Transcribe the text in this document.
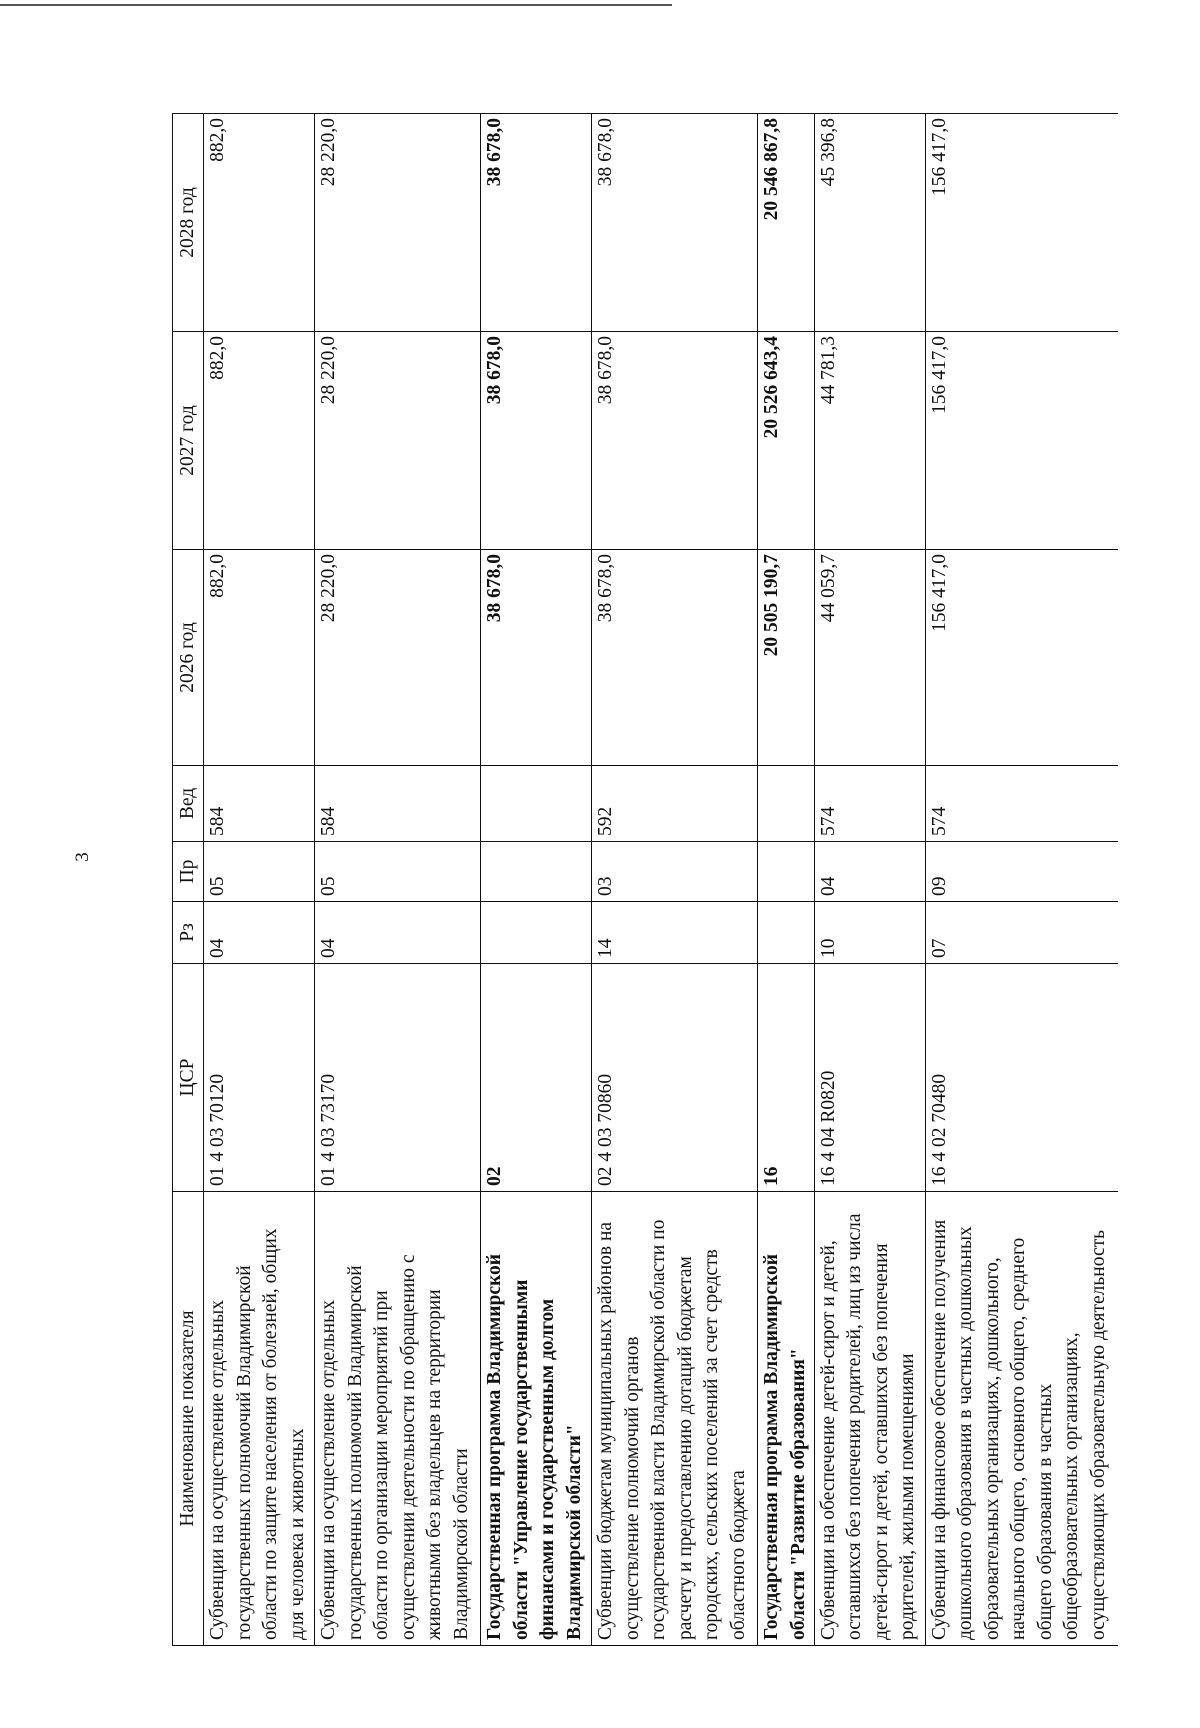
3
Наименование показателя	ЦСР	Рз	Пр	Вед	2026 год	2027 год	2028 год
Субвенции на осуществление отдельных государственных полномочий Владимирской области по защите населения от болезней, общих для человека и животных	01 4 03 70120	04	05	584	882,0	882,0	882,0
Субвенции на осуществление отдельных государственных полномочий Владимирской области по организации мероприятий при осуществлении деятельности по обращению с животными без владельцев на территории Владимирской области	01 4 03 73170	04	05	584	28 220,0	28 220,0	28 220,0
Государственная программа Владимирской области "Управление государственными финансами и государственным долгом Владимирской области"	02				38 678,0	38 678,0	38 678,0
Субвенции бюджетам муниципальных районов на осуществление полномочий органов государственной власти Владимирской области по расчету и предоставлению дотаций бюджетам городских, сельских поселений за счет средств областного бюджета	02 4 03 70860	14	03	592	38 678,0	38 678,0	38 678,0
Государственная программа Владимирской области "Развитие образования"	16				20 505 190,7	20 526 643,4	20 546 867,8
Субвенции на обеспечение детей-сирот и детей, оставшихся без попечения родителей, лиц из числа детей-сирот и детей, оставшихся без попечения родителей, жилыми помещениями	16 4 04 R0820	10	04	574	44 059,7	44 781,3	45 396,8
Субвенции на финансовое обеспечение получения дошкольного образования в частных дошкольных образовательных организациях, дошкольного, начального общего, основного общего, среднего общего образования в частных общеобразовательных организациях, осуществляющих образовательную деятельность	16 4 02 70480	07	09	574	156 417,0	156 417,0	156 417,0
